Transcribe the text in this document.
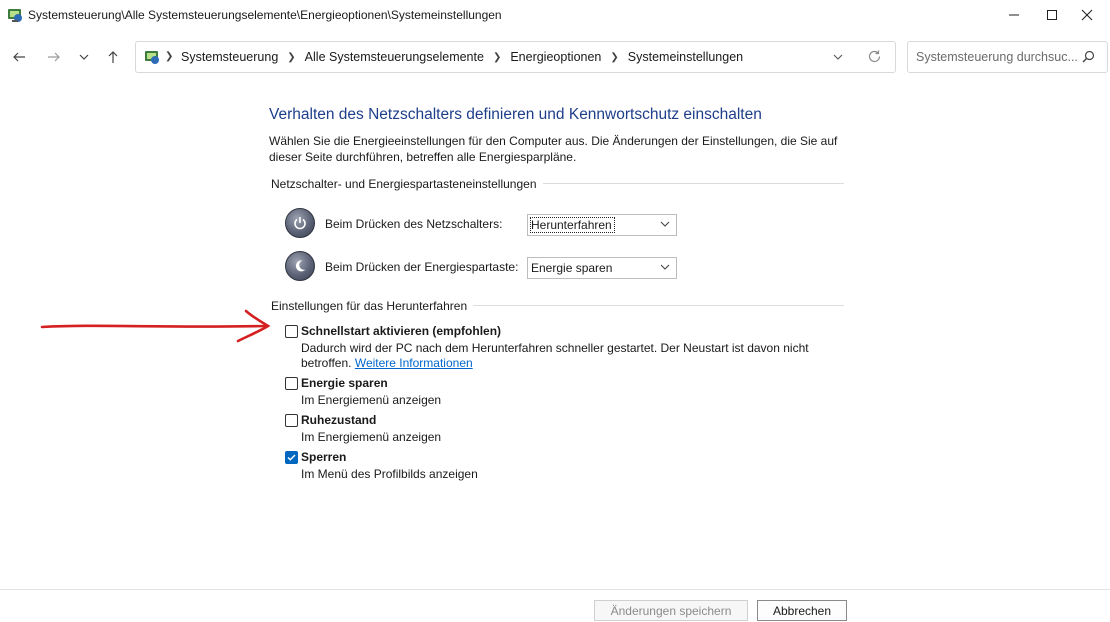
Systemsteuerung\Alle Systemsteuerungselemente\Energieoptionen\Systemeinstellungen
❯ Systemsteuerung ❯ Alle Systemsteuerungselemente ❯ Energieoptionen ❯ Systemeinstellungen	Systemsteuerung durchsuc...
Verhalten des Netzschalters definieren und Kennwortschutz einschalten
Wählen Sie die Energieeinstellungen für den Computer aus. Die Änderungen der Einstellungen, die Sie auf dieser Seite durchführen, betreffen alle Energiesparpläne.
Netzschalter- und Energiespartasteneinstellungen
Beim Drücken des Netzschalters: Herunterfahren
Beim Drücken der Energiespartaste: Energie sparen
Einstellungen für das Herunterfahren
Schnellstart aktivieren (empfohlen)
Dadurch wird der PC nach dem Herunterfahren schneller gestartet. Der Neustart ist davon nicht betroffen. Weitere Informationen
Energie sparen
Im Energiemenü anzeigen
Ruhezustand
Im Energiemenü anzeigen
Sperren
Im Menü des Profilbilds anzeigen
Änderungen speichern	Abbrechen
